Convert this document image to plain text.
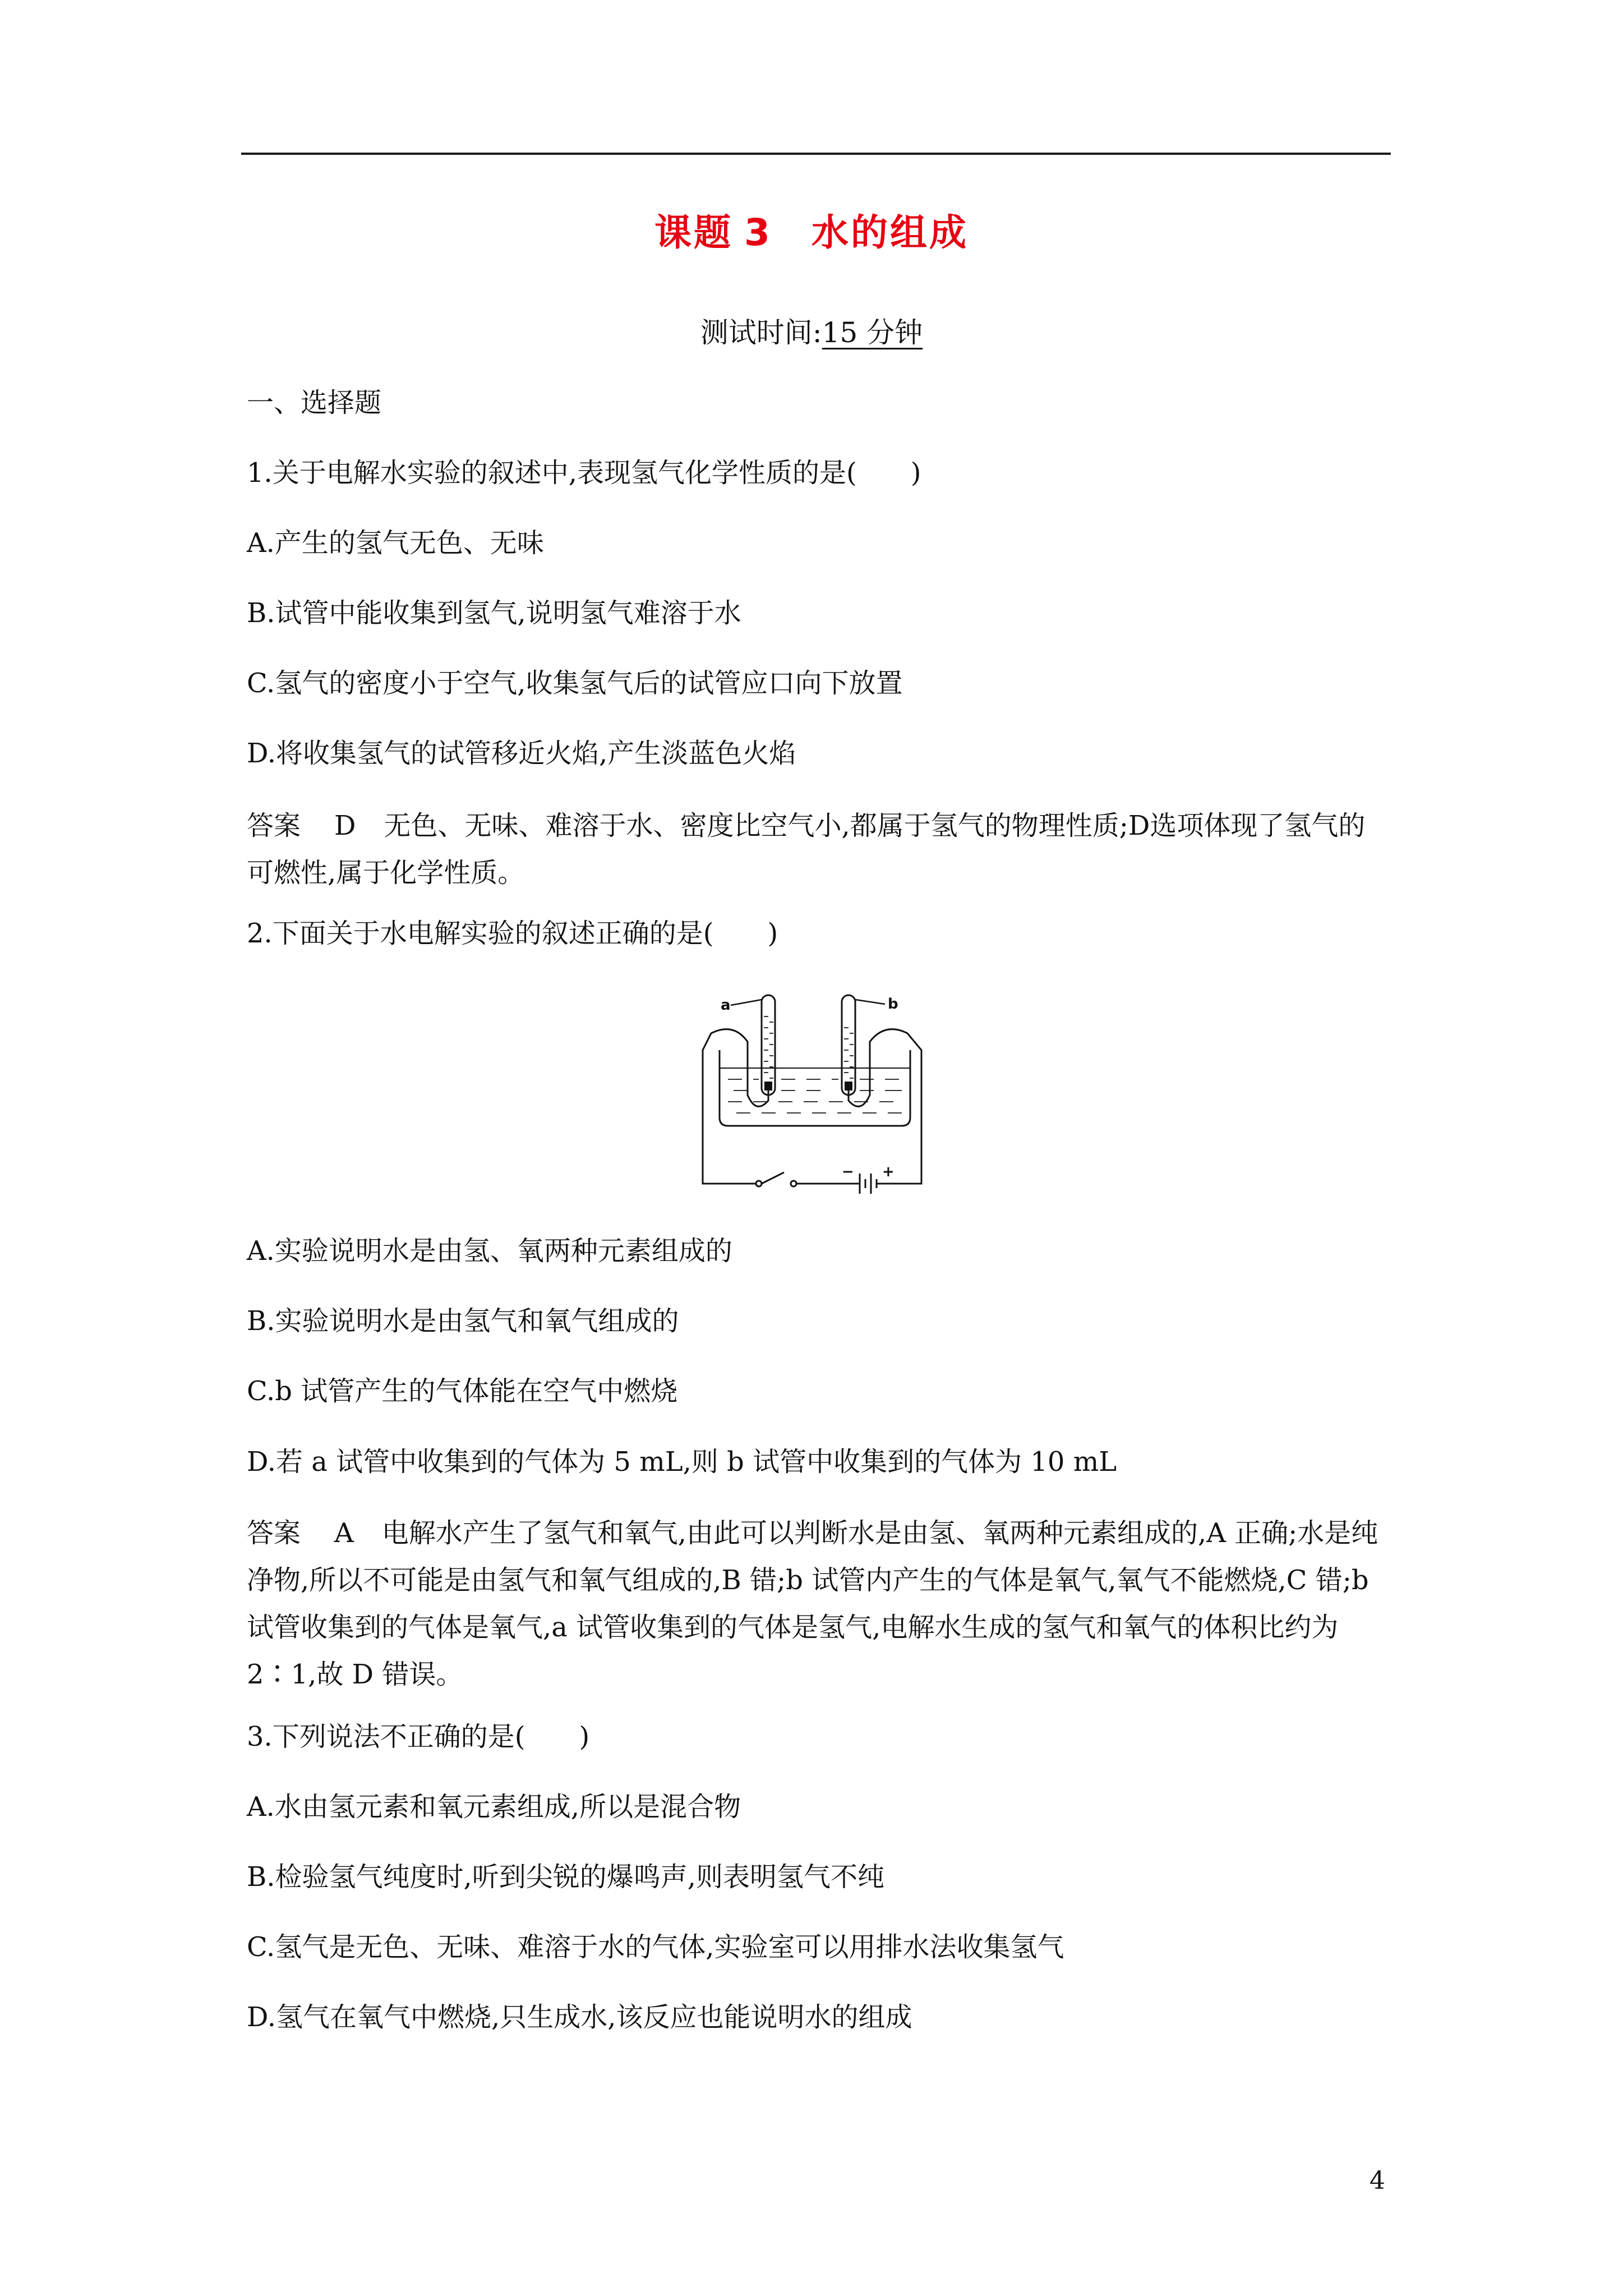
课题 3 水的组成
测试时间:15 分钟
一、选择题
1.关于电解水实验的叙述中,表现氢气化学性质的是(　　)
A.产生的氢气无色、无味
B.试管中能收集到氢气,说明氢气难溶于水
C.氢气的密度小于空气,收集氢气后的试管应口向下放置
D.将收集氢气的试管移近火焰,产生淡蓝色火焰
答案 D 无色、无味、难溶于水、密度比空气小,都属于氢气的物理性质;D选项体现了氢气的可燃性,属于化学性质。
2.下面关于水电解实验的叙述正确的是(　　)
a	b
− +
A.实验说明水是由氢、氧两种元素组成的
B.实验说明水是由氢气和氧气组成的
C.b 试管产生的气体能在空气中燃烧
D.若 a 试管中收集到的气体为 5 mL,则 b 试管中收集到的气体为 10 mL
答案 A 电解水产生了氢气和氧气,由此可以判断水是由氢、氧两种元素组成的,A 正确;水是纯净物,所以不可能是由氢气和氧气组成的,B 错;b 试管内产生的气体是氧气,氧气不能燃烧,C 错;b 试管收集到的气体是氧气,a 试管收集到的气体是氢气,电解水生成的氢气和氧气的体积比约为 2∶1,故 D 错误。
3.下列说法不正确的是(　　)
A.水由氢元素和氧元素组成,所以是混合物
B.检验氢气纯度时,听到尖锐的爆鸣声,则表明氢气不纯
C.氢气是无色、无味、难溶于水的气体,实验室可以用排水法收集氢气
D.氢气在氧气中燃烧,只生成水,该反应也能说明水的组成
4
